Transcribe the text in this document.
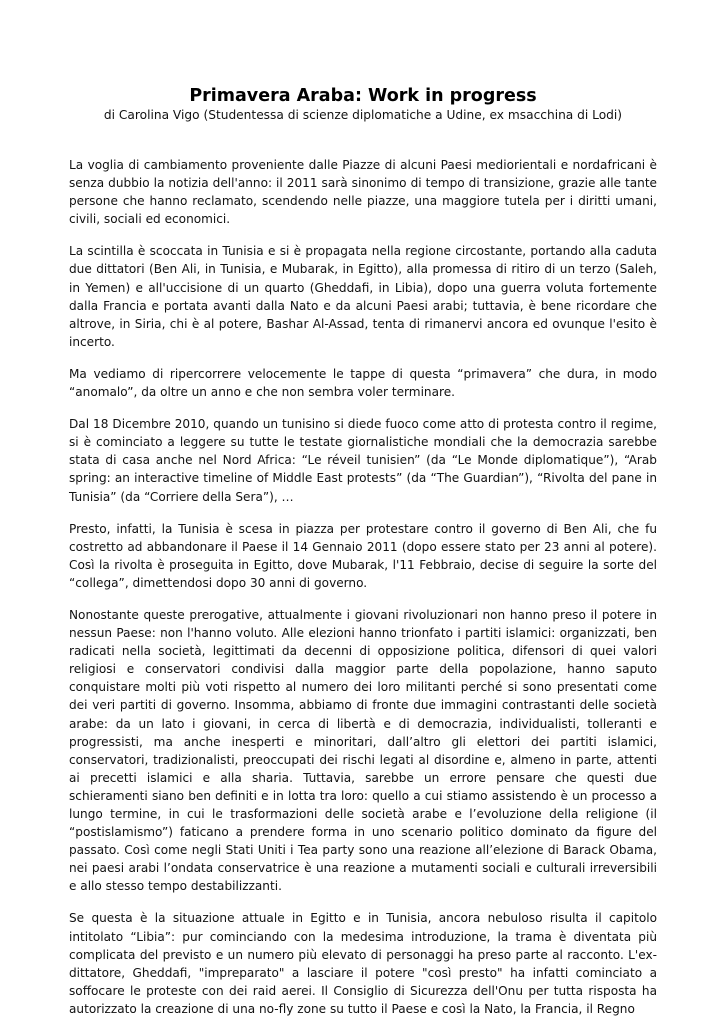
Primavera Araba: Work in progress

di Carolina Vigo (Studentessa di scienze diplomatiche a Udine, ex msacchina di Lodi)

La voglia di cambiamento proveniente dalle Piazze di alcuni Paesi mediorientali e nordafricani è senza dubbio la notizia dell'anno: il 2011 sarà sinonimo di tempo di transizione, grazie alle tante persone che hanno reclamato, scendendo nelle piazze, una maggiore tutela per i diritti umani, civili, sociali ed economici.

La scintilla è scoccata in Tunisia e si è propagata nella regione circostante, portando alla caduta due dittatori (Ben Ali, in Tunisia, e Mubarak, in Egitto), alla promessa di ritiro di un terzo (Saleh, in Yemen) e all'uccisione di un quarto (Gheddafi, in Libia), dopo una guerra voluta fortemente dalla Francia e portata avanti dalla Nato e da alcuni Paesi arabi; tuttavia, è bene ricordare che altrove, in Siria, chi è al potere, Bashar Al-Assad, tenta di rimanervi ancora ed ovunque l'esito è incerto.

Ma vediamo di ripercorrere velocemente le tappe di questa “primavera” che dura, in modo “anomalo”, da oltre un anno e che non sembra voler terminare.

Dal 18 Dicembre 2010, quando un tunisino si diede fuoco come atto di protesta contro il regime, si è cominciato a leggere su tutte le testate giornalistiche mondiali che la democrazia sarebbe stata di casa anche nel Nord Africa: “Le réveil tunisien” (da “Le Monde diplomatique”), “Arab spring: an interactive timeline of Middle East protests” (da “The Guardian”), “Rivolta del pane in Tunisia” (da “Corriere della Sera”), …

Presto, infatti, la Tunisia è scesa in piazza per protestare contro il governo di Ben Ali, che fu costretto ad abbandonare il Paese il 14 Gennaio 2011 (dopo essere stato per 23 anni al potere). Così la rivolta è proseguita in Egitto, dove Mubarak, l'11 Febbraio, decise di seguire la sorte del “collega”, dimettendosi dopo 30 anni di governo.

Nonostante queste prerogative, attualmente i giovani rivoluzionari non hanno preso il potere in nessun Paese: non l'hanno voluto. Alle elezioni hanno trionfato i partiti islamici: organizzati, ben radicati nella società, legittimati da decenni di opposizione politica, difensori di quei valori religiosi e conservatori condivisi dalla maggior parte della popolazione, hanno saputo conquistare molti più voti rispetto al numero dei loro militanti perché si sono presentati come dei veri partiti di governo. Insomma, abbiamo di fronte due immagini contrastanti delle società arabe: da un lato i giovani, in cerca di libertà e di democrazia, individualisti, tolleranti e progressisti, ma anche inesperti e minoritari, dall’altro gli elettori dei partiti islamici, conservatori, tradizionalisti, preoccupati dei rischi legati al disordine e, almeno in parte, attenti ai precetti islamici e alla sharia. Tuttavia, sarebbe un errore pensare che questi due schieramenti siano ben definiti e in lotta tra loro: quello a cui stiamo assistendo è un processo a lungo termine, in cui le trasformazioni delle società arabe e l’evoluzione della religione (il “postislamismo”) faticano a prendere forma in uno scenario politico dominato da figure del passato. Così come negli Stati Uniti i Tea party sono una reazione all’elezione di Barack Obama, nei paesi arabi l’ondata conservatrice è una reazione a mutamenti sociali e culturali irreversibili e allo stesso tempo destabilizzanti.

Se questa è la situazione attuale in Egitto e in Tunisia, ancora nebuloso risulta il capitolo intitolato “Libia”: pur cominciando con la medesima introduzione, la trama è diventata più complicata del previsto e un numero più elevato di personaggi ha preso parte al racconto. L'ex-dittatore, Gheddafi, "impreparato" a lasciare il potere "così presto" ha infatti cominciato a soffocare le proteste con dei raid aerei. Il Consiglio di Sicurezza dell'Onu per tutta risposta ha autorizzato la creazione di una no-fly zone su tutto il Paese e così la Nato, la Francia, il Regno
